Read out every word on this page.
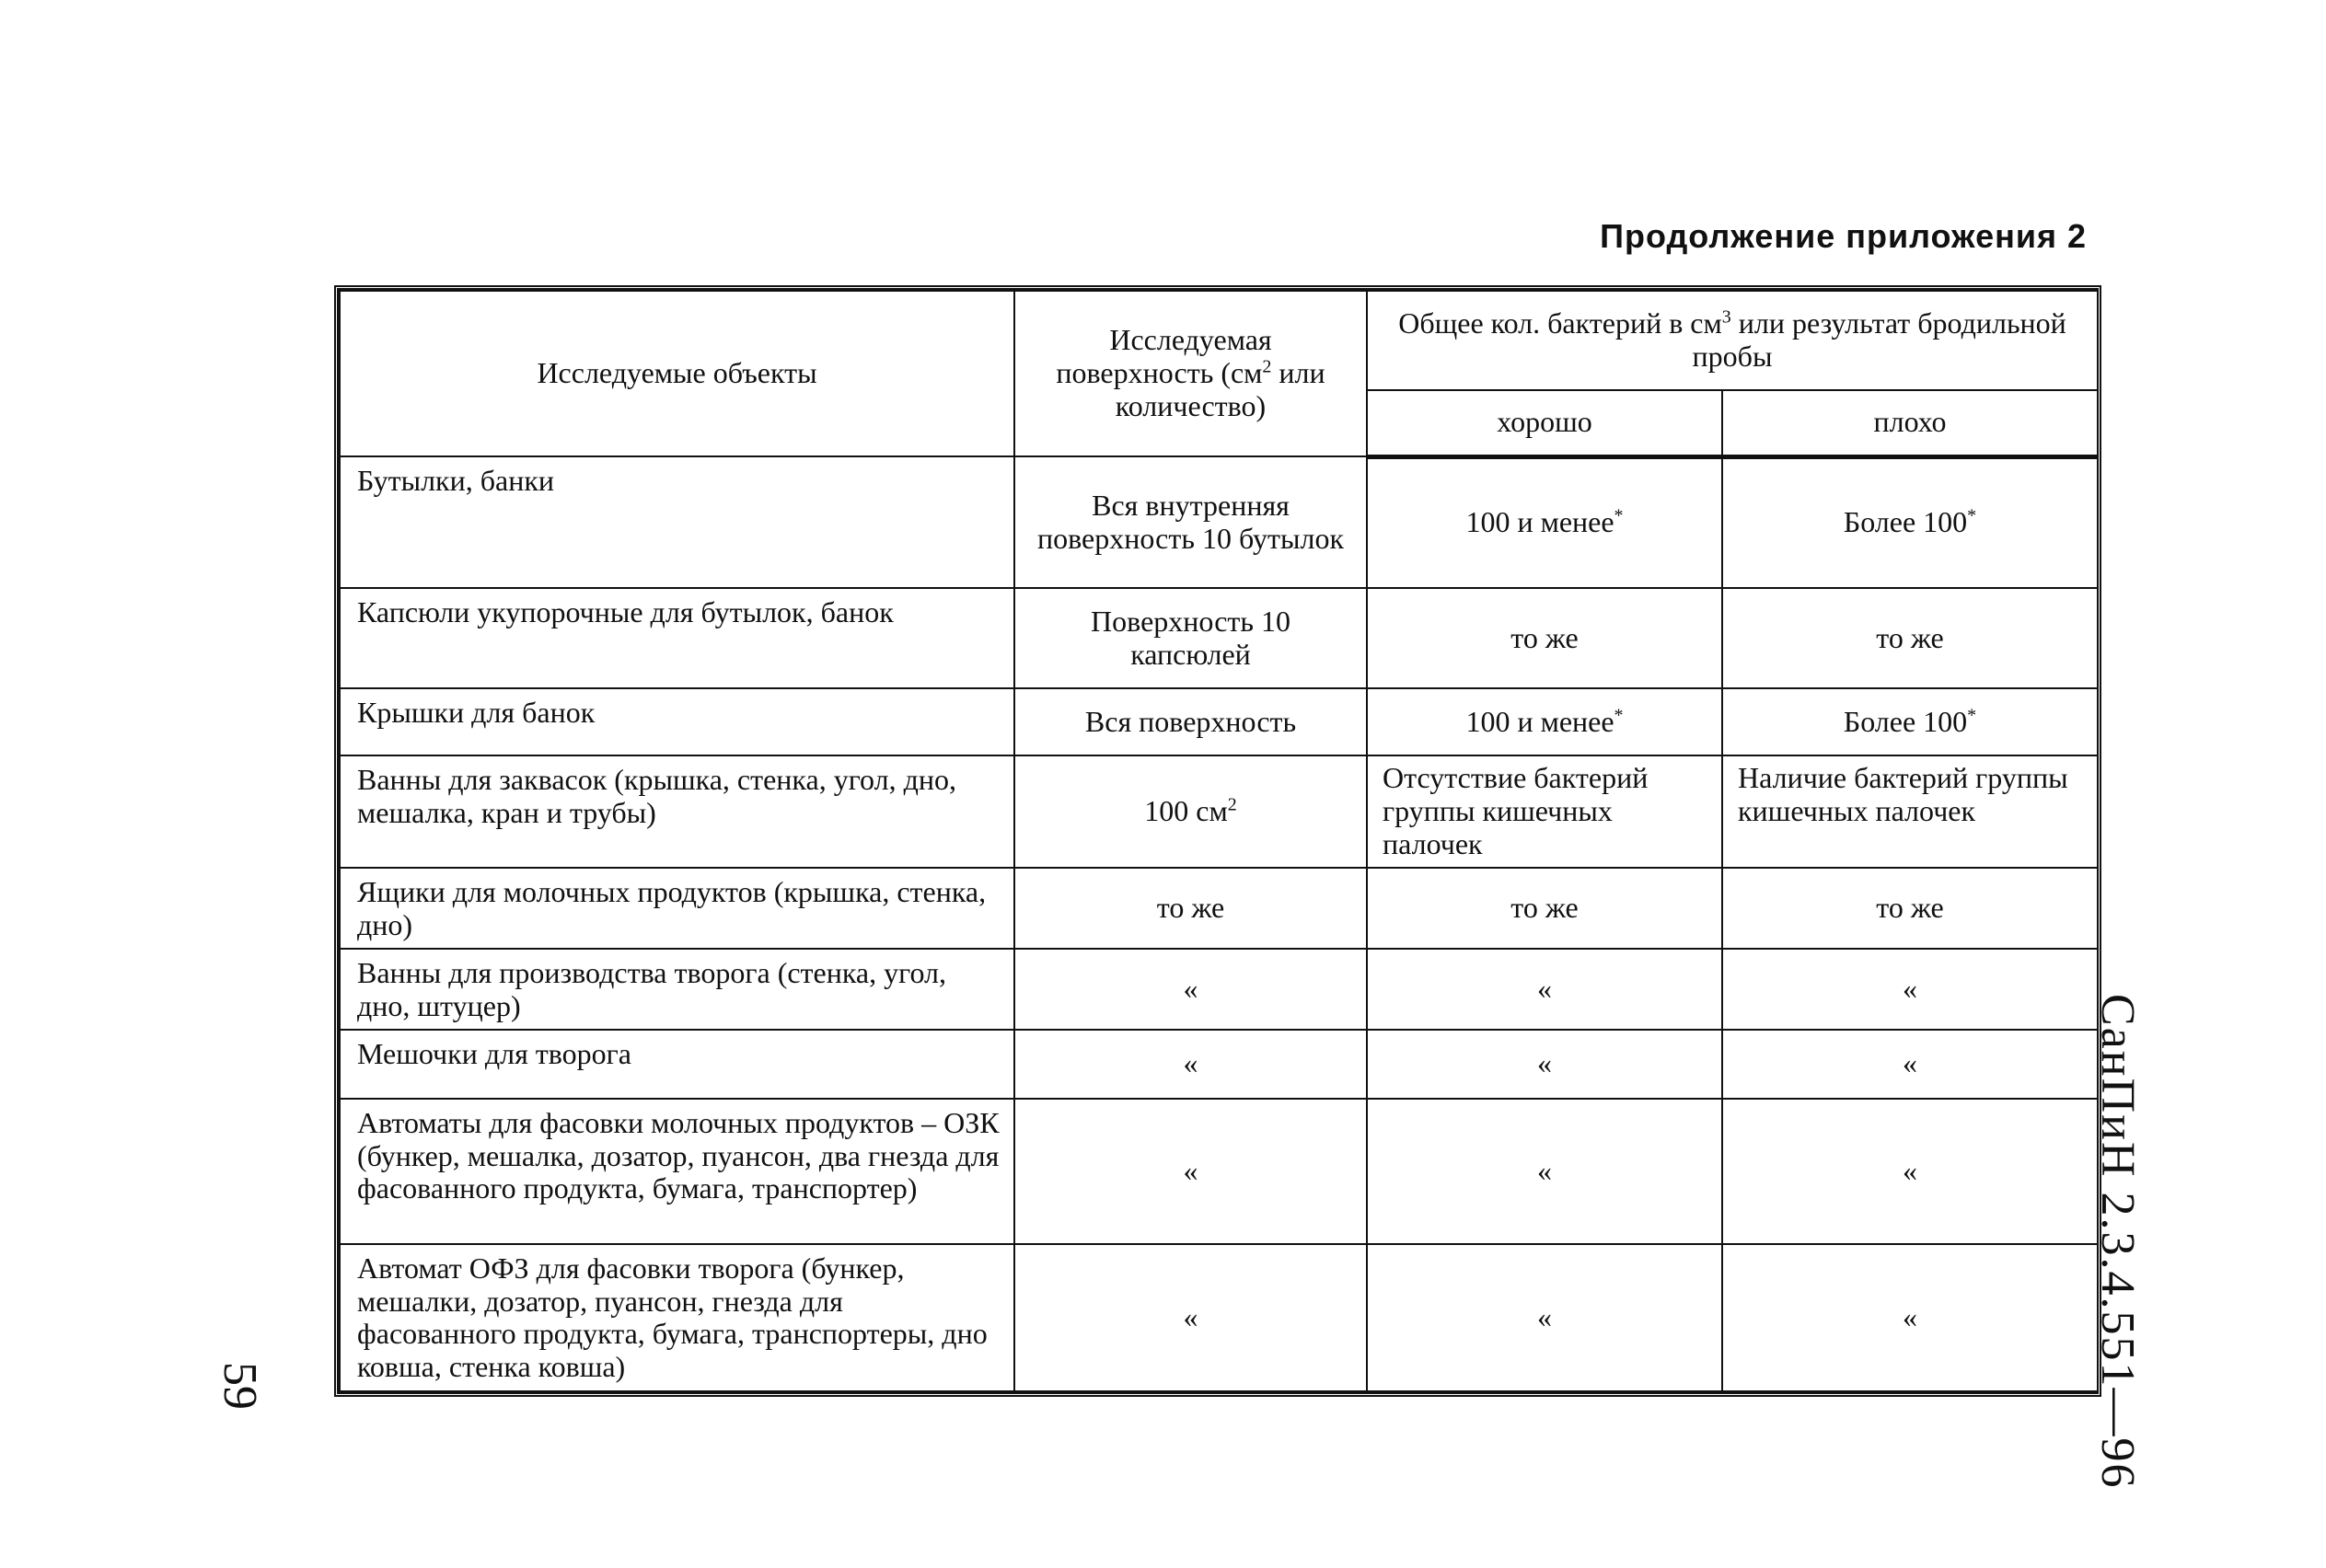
Продолжение приложения 2
Исследуемые объекты	Исследуемая поверхность ($см^2$ или количество)	Общее кол. бактерий в $см^3$ или результат бродильной пробы	
		хорошо	плохо
Бутылки, банки	Вся внутренняя поверхность 10 бутылок	100 и менее*	Более 100*
Капсюли укупорочные для бутылок, банок	Поверхность 10 капсюлей	то же	то же
Крышки для банок	Вся поверхность	100 и менее*	Более 100*
Ванны для заквасок (крышка, стенка, угол, дно, мешалка, кран и трубы)	100 $см^2$	Отсутствие бактерий группы кишечных палочек	Наличие бактерий группы кишечных палочек
Ящики для молочных продуктов (крышка, стенка, дно)	то же	то же	то же
Ванны для производства творога (стенка, угол, дно, штуцер)	«	«	«
Мешочки для творога	«	«	«
Автоматы для фасовки молочных продуктов – ОЗК (бункер, мешалка, дозатор, пуансон, два гнезда для фасованного продукта, бумага, транспортер)	«	«	«
Автомат ОФЗ для фасовки творога (бункер, мешалки, дозатор, пуансон, гнезда для фасованного продукта, бумага, транспортеры, дно ковша, стенка ковша)	«	«	«	СанПиН 2.3.4.551—96
59
